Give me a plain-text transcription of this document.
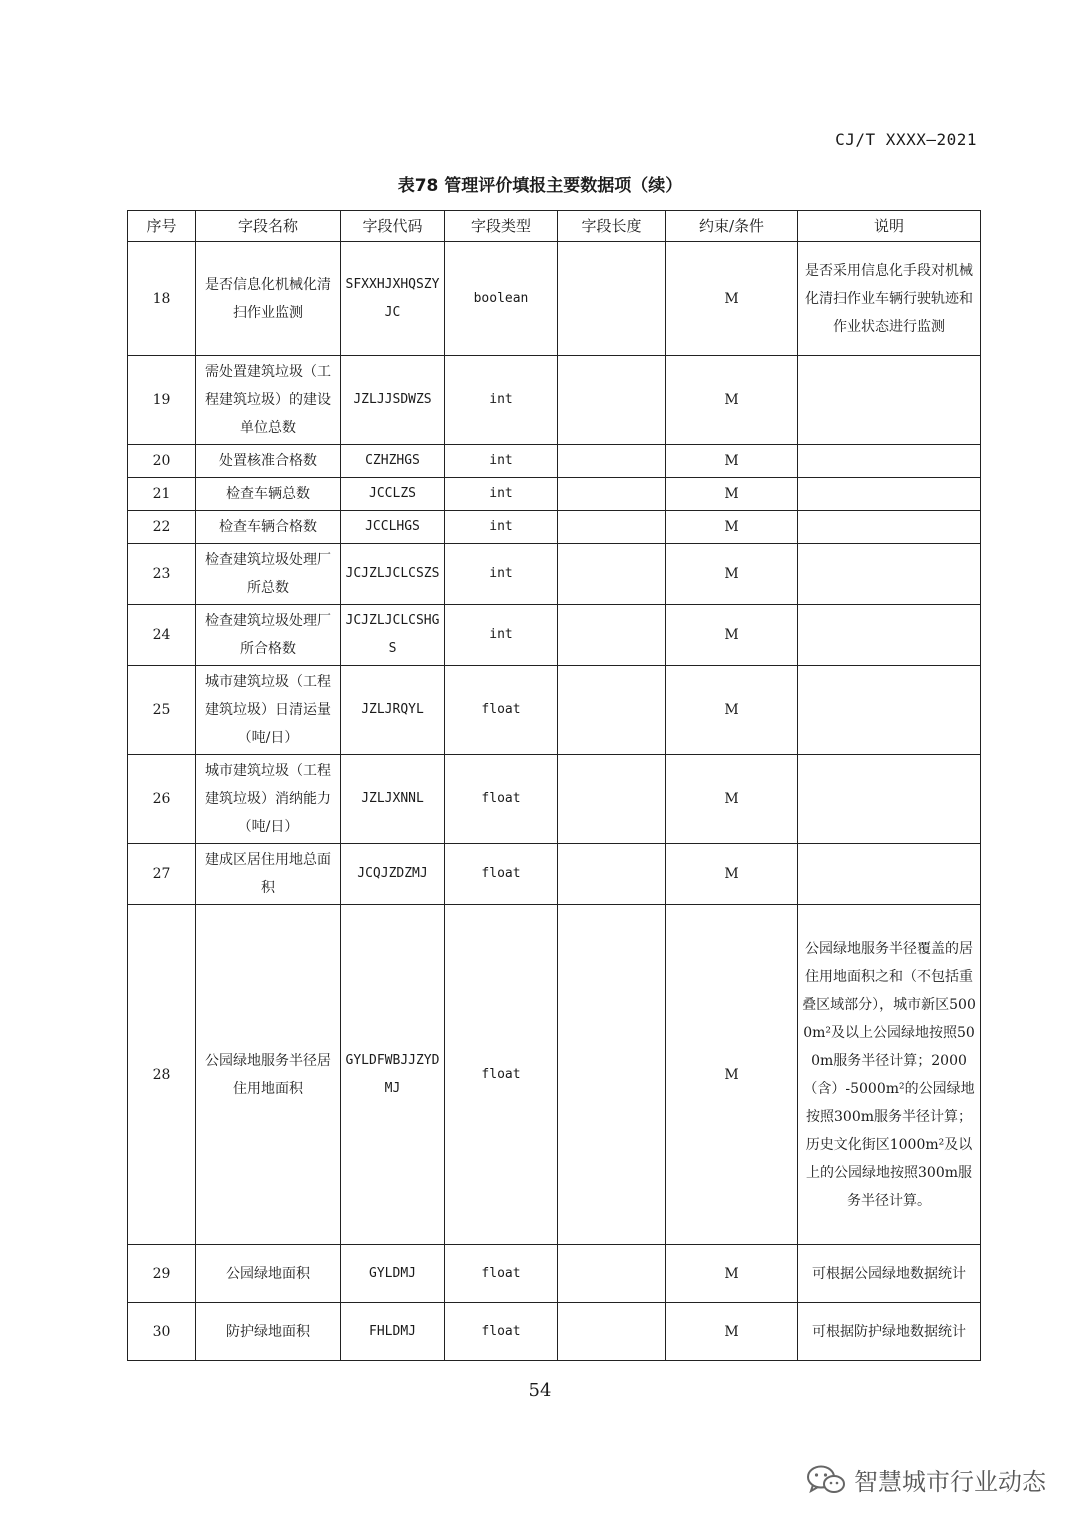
CJ/T XXXX—2021
表78 管理评价填报主要数据项（续）
序号	字段名称	字段代码	字段类型	字段长度	约束/条件	说明
18	是否信息化机械化清扫作业监测	SFXXHJXHQSZYJC	boolean		M	是否采用信息化手段对机械化清扫作业车辆行驶轨迹和作业状态进行监测
19	需处置建筑垃圾（工程建筑垃圾）的建设单位总数	JZLJJSDWZS	int		M	
20	处置核准合格数	CZHZHGS	int		M	
21	检查车辆总数	JCCLZS	int		M	
22	检查车辆合格数	JCCLHGS	int		M	
23	检查建筑垃圾处理厂所总数	JCJZLJCLCSZS	int		M	
24	检查建筑垃圾处理厂所合格数	JCJZLJCLCSHGS	int		M	
25	城市建筑垃圾（工程建筑垃圾）日清运量（吨/日）	JZLJRQYL	float		M	
26	城市建筑垃圾（工程建筑垃圾）消纳能力（吨/日）	JZLJXNNL	float		M	
27	建成区居住用地总面积	JCQJZDZMJ	float		M	
28	公园绿地服务半径居住用地面积	GYLDFWBJJZYDMJ	float		M	公园绿地服务半径覆盖的居住用地面积之和（不包括重叠区域部分），城市新区5000m²及以上公园绿地按照500m服务半径计算；2000（含）-5000m²的公园绿地按照300m服务半径计算；历史文化街区1000m²及以上的公园绿地按照300m服务半径计算。
29	公园绿地面积	GYLDMJ	float		M	可根据公园绿地数据统计
30	防护绿地面积	FHLDMJ	float		M	可根据防护绿地数据统计
54
智慧城市行业动态
